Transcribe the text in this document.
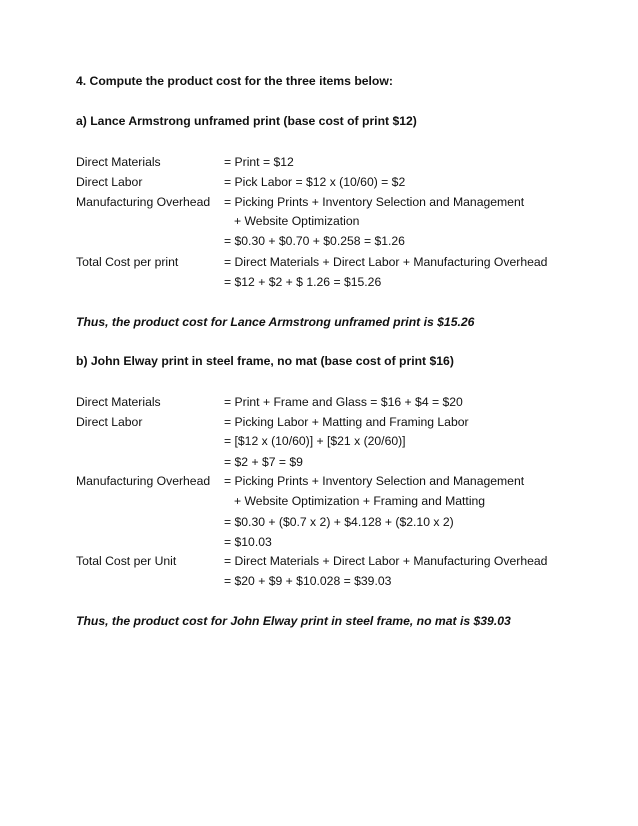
4. Compute the product cost for the three items below:
a) Lance Armstrong unframed print (base cost of print $12)
Direct Materials	= Print = $12
Direct Labor	= Pick Labor = $12 x (10/60) = $2
Manufacturing Overhead = Picking Prints + Inventory Selection and Management
+ Website Optimization
= $0.30 + $0.70 + $0.258 = $1.26
Total Cost per print	= Direct Materials + Direct Labor + Manufacturing Overhead
= $12 + $2 + $ 1.26 = $15.26
Thus, the product cost for Lance Armstrong unframed print is $15.26
b) John Elway print in steel frame, no mat (base cost of print $16)
Direct Materials	= Print + Frame and Glass = $16 + $4 = $20
Direct Labor	= Picking Labor + Matting and Framing Labor
= [$12 x (10/60)] + [$21 x (20/60)]
= $2 + $7 = $9
Manufacturing Overhead = Picking Prints + Inventory Selection and Management
+ Website Optimization + Framing and Matting
= $0.30 + ($0.7 x 2) + $4.128 + ($2.10 x 2)
= $10.03
Total Cost per Unit	= Direct Materials + Direct Labor + Manufacturing Overhead
= $20 + $9 + $10.028 = $39.03
Thus, the product cost for John Elway print in steel frame, no mat is $39.03
